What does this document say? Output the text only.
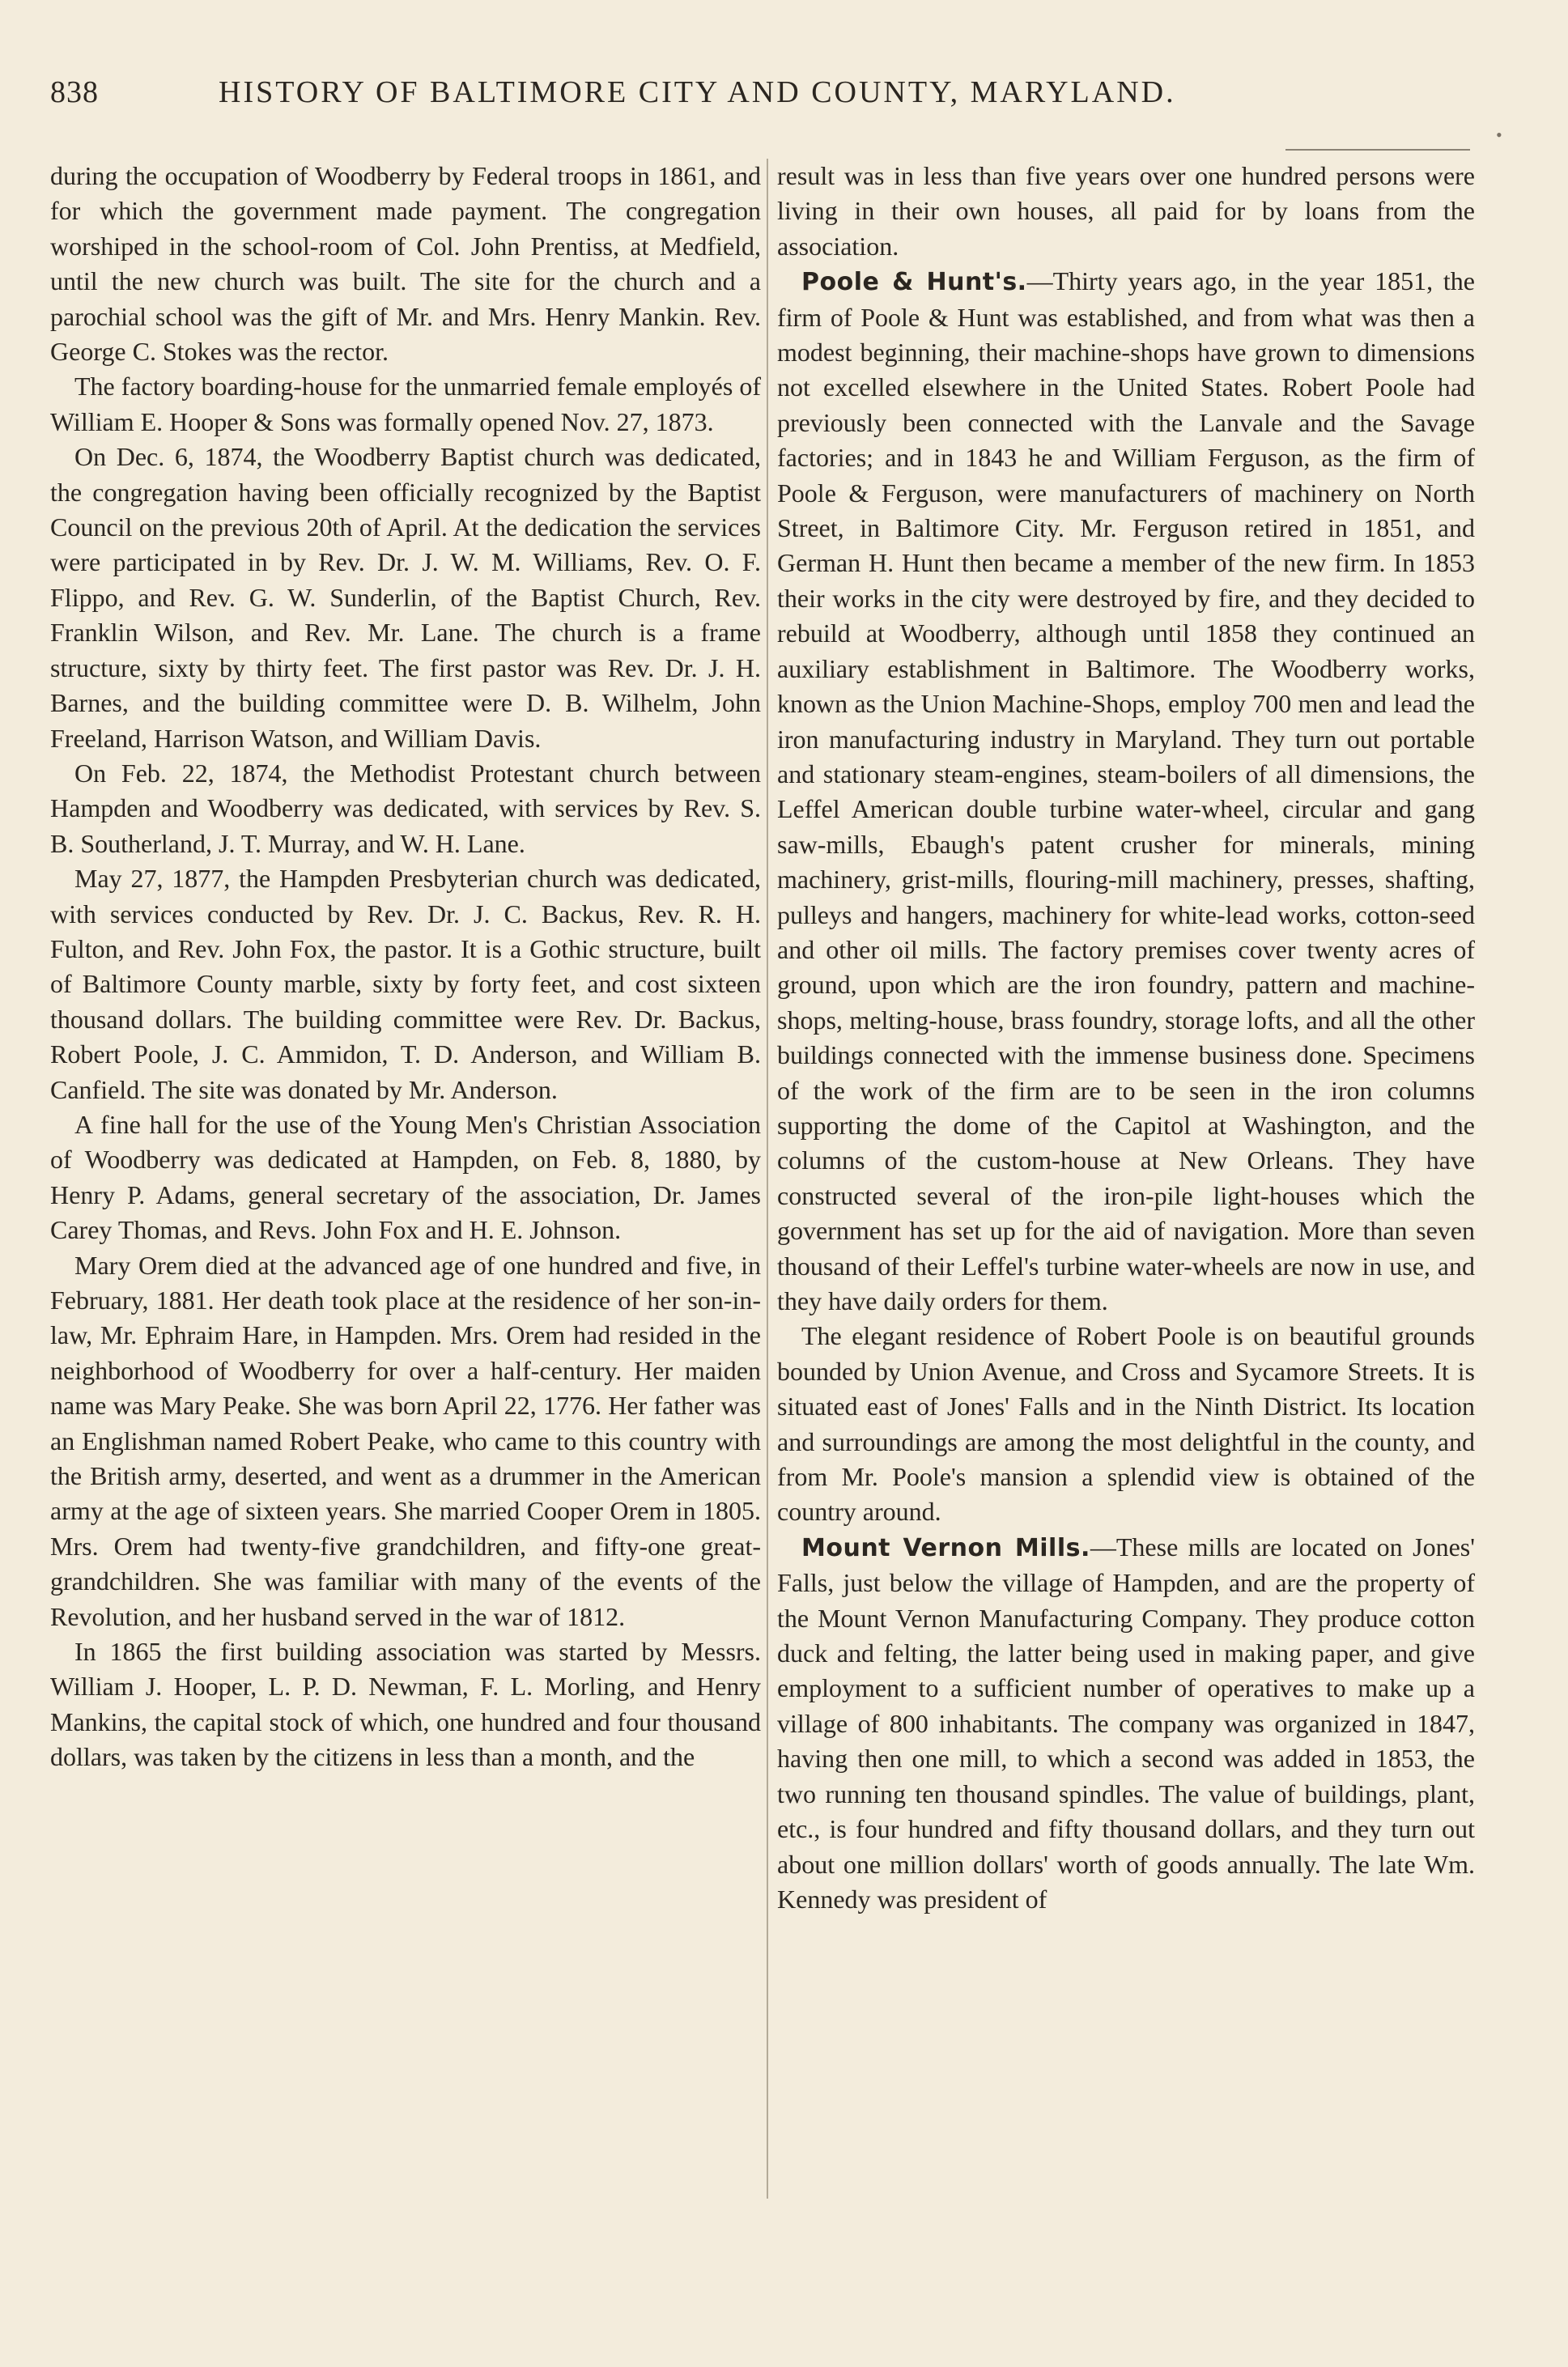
838	HISTORY OF BALTIMORE CITY AND COUNTY, MARYLAND.
•

during the occupation of Woodberry by Federal troops in 1861, and for which the government made payment. The congregation worshiped in the school-room of Col. John Prentiss, at Medfield, until the new church was built. The site for the church and a parochial school was the gift of Mr. and Mrs. Henry Mankin. Rev. George C. Stokes was the rector.

The factory boarding-house for the unmarried female employés of William E. Hooper & Sons was formally opened Nov. 27, 1873.

On Dec. 6, 1874, the Woodberry Baptist church was dedicated, the congregation having been officially recognized by the Baptist Council on the previous 20th of April. At the dedication the services were participated in by Rev. Dr. J. W. M. Williams, Rev. O. F. Flippo, and Rev. G. W. Sunderlin, of the Baptist Church, Rev. Franklin Wilson, and Rev. Mr. Lane. The church is a frame structure, sixty by thirty feet. The first pastor was Rev. Dr. J. H. Barnes, and the building committee were D. B. Wilhelm, John Freeland, Harrison Watson, and William Davis.

On Feb. 22, 1874, the Methodist Protestant church between Hampden and Woodberry was dedicated, with services by Rev. S. B. Southerland, J. T. Murray, and W. H. Lane.

May 27, 1877, the Hampden Presbyterian church was dedicated, with services conducted by Rev. Dr. J. C. Backus, Rev. R. H. Fulton, and Rev. John Fox, the pastor. It is a Gothic structure, built of Baltimore County marble, sixty by forty feet, and cost sixteen thousand dollars. The building committee were Rev. Dr. Backus, Robert Poole, J. C. Ammidon, T. D. Anderson, and William B. Canfield. The site was donated by Mr. Anderson.

A fine hall for the use of the Young Men's Christian Association of Woodberry was dedicated at Hampden, on Feb. 8, 1880, by Henry P. Adams, general secretary of the association, Dr. James Carey Thomas, and Revs. John Fox and H. E. Johnson.

Mary Orem died at the advanced age of one hundred and five, in February, 1881. Her death took place at the residence of her son-in-law, Mr. Ephraim Hare, in Hampden. Mrs. Orem had resided in the neighborhood of Woodberry for over a half-century. Her maiden name was Mary Peake. She was born April 22, 1776. Her father was an Englishman named Robert Peake, who came to this country with the British army, deserted, and went as a drummer in the American army at the age of sixteen years. She married Cooper Orem in 1805. Mrs. Orem had twenty-five grandchildren, and fifty-one great-grandchildren. She was familiar with many of the events of the Revolution, and her husband served in the war of 1812.

In 1865 the first building association was started by Messrs. William J. Hooper, L. P. D. Newman, F. L. Morling, and Henry Mankins, the capital stock of which, one hundred and four thousand dollars, was taken by the citizens in less than a month, and the

result was in less than five years over one hundred persons were living in their own houses, all paid for by loans from the association.

Poole & Hunt's.—Thirty years ago, in the year 1851, the firm of Poole & Hunt was established, and from what was then a modest beginning, their machine-shops have grown to dimensions not excelled elsewhere in the United States. Robert Poole had previously been connected with the Lanvale and the Savage factories; and in 1843 he and William Ferguson, as the firm of Poole & Ferguson, were manufacturers of machinery on North Street, in Baltimore City. Mr. Ferguson retired in 1851, and German H. Hunt then became a member of the new firm. In 1853 their works in the city were destroyed by fire, and they decided to rebuild at Woodberry, although until 1858 they continued an auxiliary establishment in Baltimore. The Woodberry works, known as the Union Machine-Shops, employ 700 men and lead the iron manufacturing industry in Maryland. They turn out portable and stationary steam-engines, steam-boilers of all dimensions, the Leffel American double turbine water-wheel, circular and gang saw-mills, Ebaugh's patent crusher for minerals, mining machinery, grist-mills, flouring-mill machinery, presses, shafting, pulleys and hangers, machinery for white-lead works, cotton-seed and other oil mills. The factory premises cover twenty acres of ground, upon which are the iron foundry, pattern and machine-shops, melting-house, brass foundry, storage lofts, and all the other buildings connected with the immense business done. Specimens of the work of the firm are to be seen in the iron columns supporting the dome of the Capitol at Washington, and the columns of the custom-house at New Orleans. They have constructed several of the iron-pile light-houses which the government has set up for the aid of navigation. More than seven thousand of their Leffel's turbine water-wheels are now in use, and they have daily orders for them.

The elegant residence of Robert Poole is on beautiful grounds bounded by Union Avenue, and Cross and Sycamore Streets. It is situated east of Jones' Falls and in the Ninth District. Its location and surroundings are among the most delightful in the county, and from Mr. Poole's mansion a splendid view is obtained of the country around.

Mount Vernon Mills.—These mills are located on Jones' Falls, just below the village of Hampden, and are the property of the Mount Vernon Manufacturing Company. They produce cotton duck and felting, the latter being used in making paper, and give employment to a sufficient number of operatives to make up a village of 800 inhabitants. The company was organized in 1847, having then one mill, to which a second was added in 1853, the two running ten thousand spindles. The value of buildings, plant, etc., is four hundred and fifty thousand dollars, and they turn out about one million dollars' worth of goods annually. The late Wm. Kennedy was president of
